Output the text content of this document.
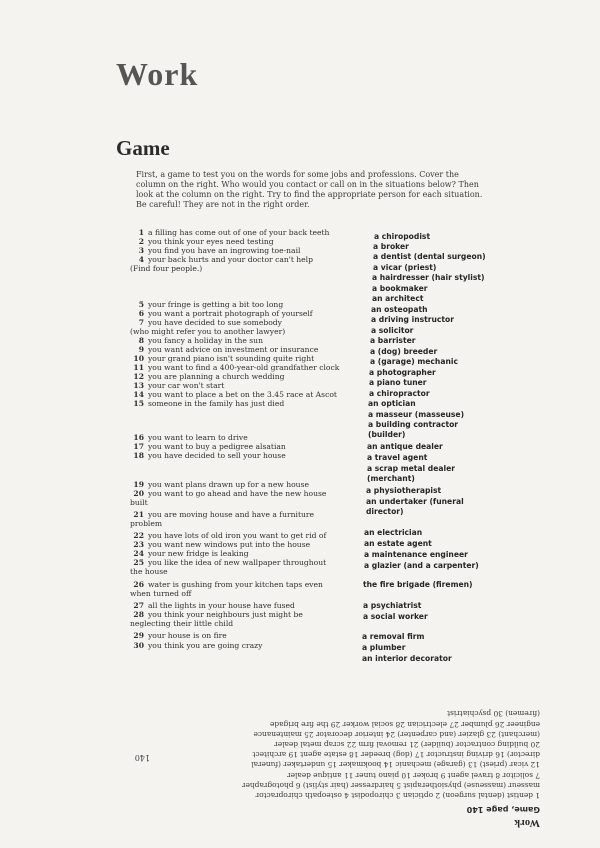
Work
Game

First, a game to test you on the words for some jobs and professions. Cover the

column on the right. Who would you contact or call on in the situations below? Then

look at the column on the right. Try to find the appropriate person for each situation.

Be careful! They are not in the right order.

1 a filling has come out of one of your back teeth
2 you think your eyes need testing
3 you find you have an ingrowing toe-nail
4 your back hurts and your doctor can't help
(Find four people.)
5 your fringe is getting a bit too long
6 you want a portrait photograph of yourself
7 you have decided to sue somebody
(who might refer you to another lawyer)
8 you fancy a holiday in the sun
9 you want advice on investment or insurance
10 your grand piano isn't sounding quite right
11 you want to find a 400-year-old grandfather clock
12 you are planning a church wedding
13 your car won't start
14 you want to place a bet on the 3.45 race at Ascot
15 someone in the family has just died
16 you want to learn to drive
17 you want to buy a pedigree alsatian
18 you have decided to sell your house
19 you want plans drawn up for a new house
20 you want to go ahead and have the new house
built
21 you are moving house and have a furniture
problem
22 you have lots of old iron you want to get rid of
23 you want new windows put into the house
24 your new fridge is leaking
25 you like the idea of new wallpaper throughout
the house
26 water is gushing from your kitchen taps even
when turned off
27 all the lights in your house have fused
28 you think your neighbours just might be
neglecting their little child
29 your house is on fire
30 you think you are going crazy
a chiropodist
a broker
a dentist (dental surgeon)
a vicar (priest)
a hairdresser (hair stylist)
a bookmaker
an architect
an osteopath
a driving instructor
a solicitor
a barrister
a (dog) breeder
a (garage) mechanic
a photographer
a piano tuner
a chiropractor
an optician
a masseur (masseuse)
a building contractor
(builder)
an antique dealer
a travel agent
a scrap metal dealer
(merchant)
a physiotherapist
an undertaker (funeral
director)
an electrician
an estate agent
a maintenance engineer
a glazier (and a carpenter)
the fire brigade (firemen)
a psychiatrist
a social worker
a removal firm
a plumber
an interior decorator
Work
Game, page 140

1 dentist (dental surgeon) 2 optician 3 chiropodist 4 osteopath chiropractor

masseur (masseuse) physiotherapist 5 hairdresser (hair stylist) 6 photographer

7 solicitor 8 travel agent 9 broker 10 piano tuner 11 antique dealer

12 vicar (priest) 13 (garage) mechanic 14 bookmaker 15 undertaker (funeral

director) 16 driving instructor 17 (dog) breeder 18 estate agent 19 architect

20 building contractor (builder) 21 removal firm 22 scrap metal dealer

(merchant) 23 glazier (and carpenter) 24 interior decorator 25 maintenance

engineer 26 plumber 27 electrician 28 social worker 29 the fire brigade

(firemen) 30 psychiatrist

140
